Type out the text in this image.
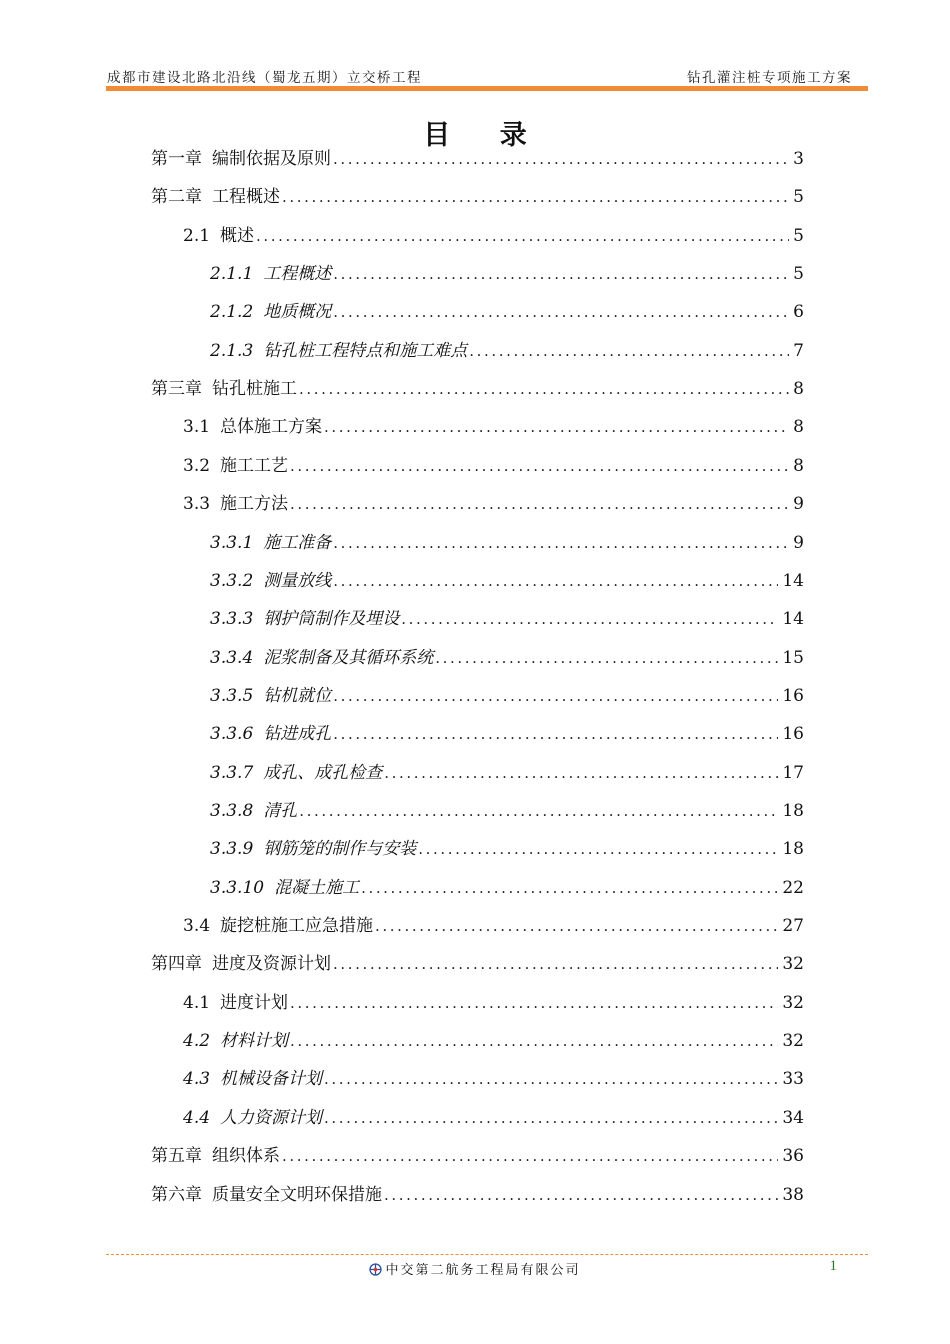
成都市建设北路北沿线（蜀龙五期）立交桥工程	钻孔灌注桩专项施工方案
目 录
第一章 编制依据及原则 .....	3
第二章 工程概述 .....	5
2.1 概述 .....	5
2.1.1 工程概述 .....	5
2.1.2 地质概况 .....	6
2.1.3 钻孔桩工程特点和施工难点 .....	7
第三章 钻孔桩施工 .....	8
3.1 总体施工方案 .....	8
3.2 施工工艺 .....	8
3.3 施工方法 .....	9
3.3.1 施工准备 .....	9
3.3.2 测量放线 .....	14
3.3.3 钢护筒制作及埋设 .....	14
3.3.4 泥浆制备及其循环系统 .....	15
3.3.5 钻机就位 .....	16
3.3.6 钻进成孔 .....	16
3.3.7 成孔、成孔检查 .....	17
3.3.8 清孔 .....	18
3.3.9 钢筋笼的制作与安装 .....	18
3.3.10 混凝土施工 .....	22
3.4 旋挖桩施工应急措施 .....	27
第四章 进度及资源计划 .....	32
4.1 进度计划 .....	32
4.2 材料计划 .....	32
4.3 机械设备计划 .....	33
4.4 人力资源计划 .....	34
第五章 组织体系 .....	36
第六章 质量安全文明环保措施 .....	38
中交第二航务工程局有限公司	1
